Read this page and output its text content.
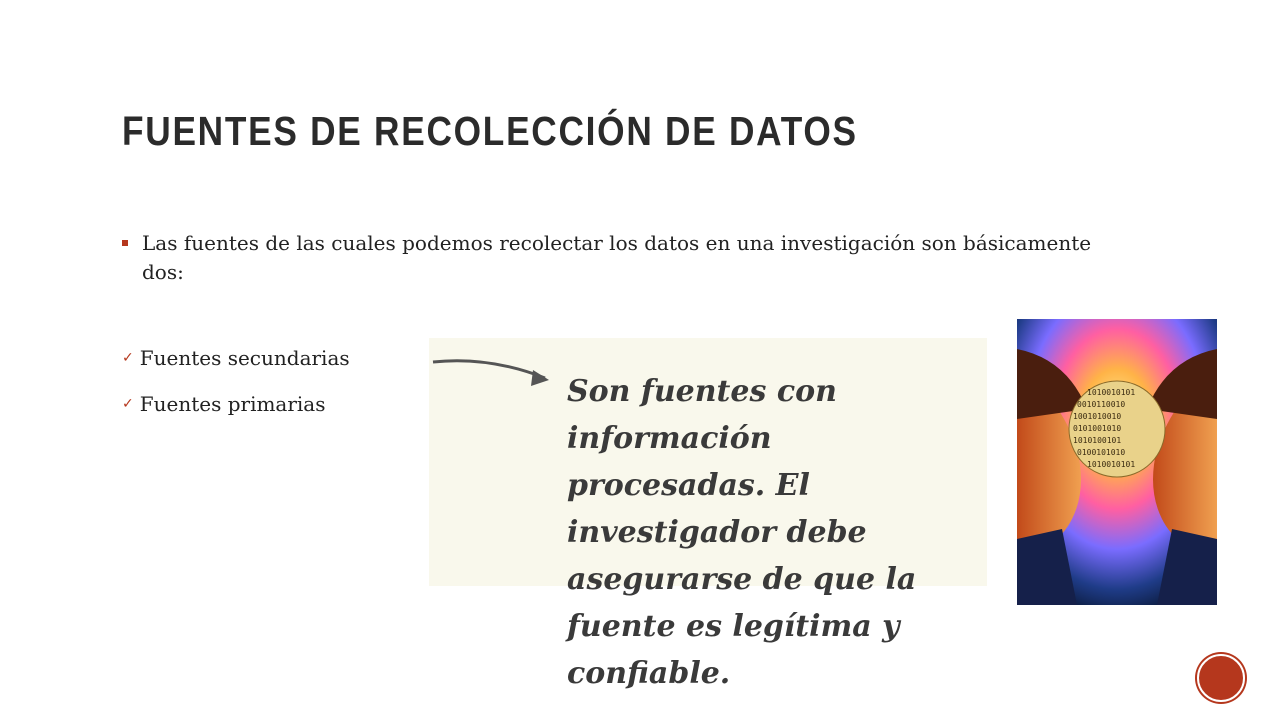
FUENTES DE RECOLECCIÓN DE DATOS
Las fuentes de las cuales podemos recolectar los datos en una investigación son básicamente dos:
✓ Fuentes secundarias
✓ Fuentes primarias	Son fuentes con información procesadas. El investigador debe asegurarse de que la fuente es legítima y confiable.
1010010101
0010110010
1001010010
0101001010
1010100101
0100101010
1010010101
